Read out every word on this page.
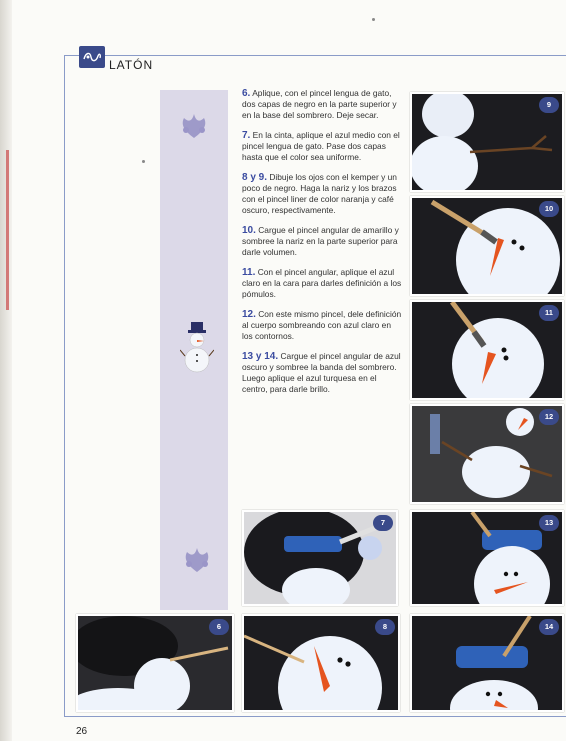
LATÓN

6. Aplique, con el pincel lengua de gato, dos capas de negro en la parte superior y en la base del sombrero. Deje secar.

7. En la cinta, aplique el azul medio con el pincel lengua de gato. Pase dos capas hasta que el color sea uniforme.

8 y 9. Dibuje los ojos con el kemper y un poco de negro. Haga la nariz y los brazos con el pincel liner de color naranja y café oscuro, respectivamente.

10. Cargue el pincel angular de amarillo y sombree la nariz en la parte superior para darle volumen.

11. Con el pincel angular, aplique el azul claro en la cara para darles definición a los pómulos.

12. Con este mismo pincel, dele definición al cuerpo sombreando con azul claro en los contornos.

13 y 14. Cargue el pincel angular de azul oscuro y sombree la banda del sombrero. Luego aplique el azul turquesa en el centro, para darle brillo.

9
10
11
12
7	13
6	8	14
26
